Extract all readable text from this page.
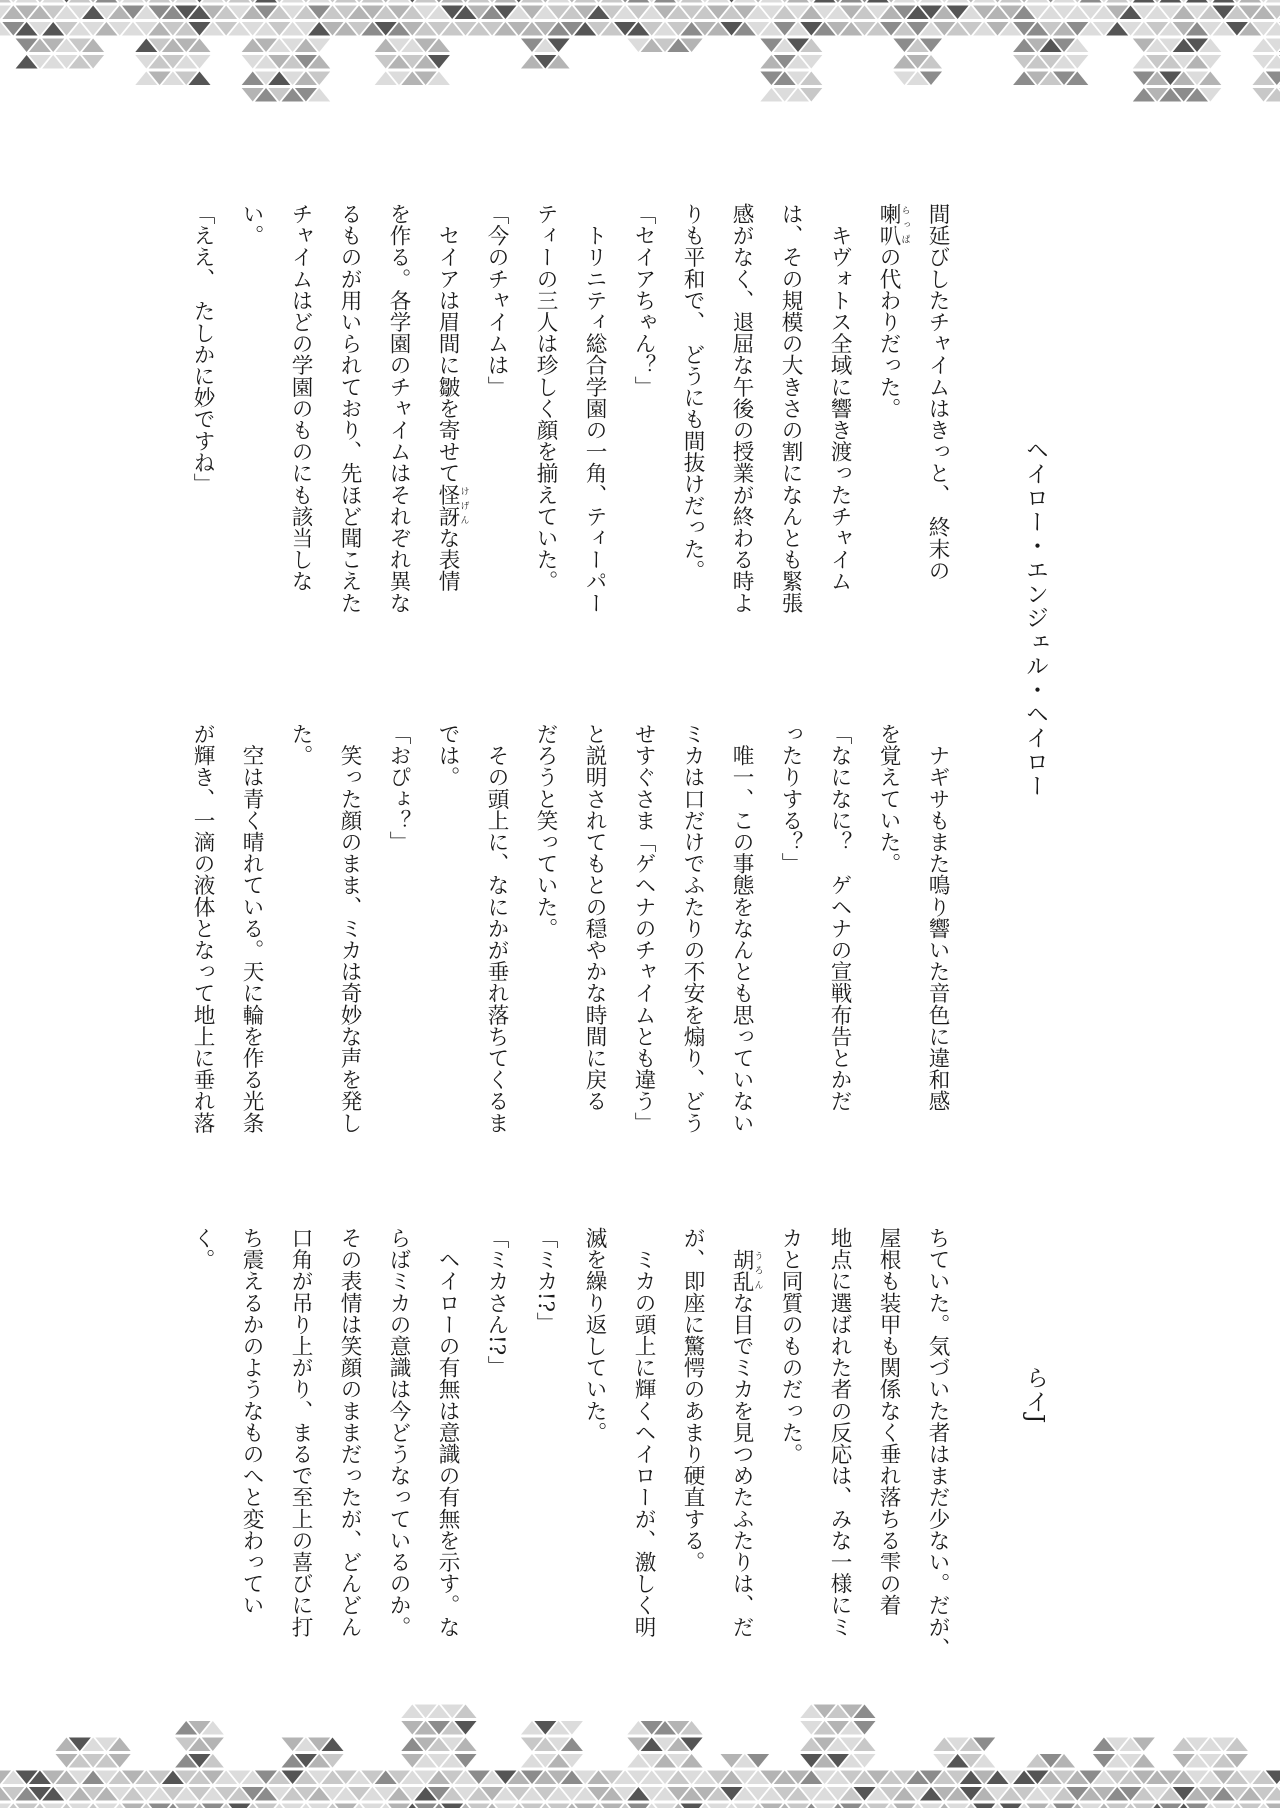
ヘイロー・エンジェル・ヘイロー
らイJ
間延びしたチャイムはきっと、　終末の
喇叭らっぱの代わりだった。
　キヴォトス全域に響き渡ったチャイム
は、その規模の大きさの割になんとも緊張
感がなく、退屈な午後の授業が終わる時よ
りも平和で、　どうにも間抜けだった。
「セイアちゃん？」
　トリニティ総合学園の一角、ティーパー
ティーの三人は珍しく顔を揃えていた。
「今のチャイムは」
　セイアは眉間に皺を寄せて怪訝けげんな表情
を作る。各学園のチャイムはそれぞれ異な
るものが用いられており、先ほど聞こえた
チャイムはどの学園のものにも該当しな
い。
「ええ、　たしかに妙ですね」
　ナギサもまた鳴り響いた音色に違和感
を覚えていた。
「なになに？　ゲヘナの宣戦布告とかだ
ったりする？」
　唯一、この事態をなんとも思っていない
ミカは口だけでふたりの不安を煽り、どう
せすぐさま「ゲヘナのチャイムとも違う」
と説明されてもとの穏やかな時間に戻る
だろうと笑っていた。
　その頭上に、なにかが垂れ落ちてくるま
では。
「おぴょ？」
　笑った顔のまま、ミカは奇妙な声を発し
た。
　空は青く晴れている。天に輪を作る光条
が輝き、一滴の液体となって地上に垂れ落
ちていた。気づいた者はまだ少ない。だが、
屋根も装甲も関係なく垂れ落ちる雫の着
地点に選ばれた者の反応は、みな一様にミ
カと同質のものだった。
　胡乱うろんな目でミカを見つめたふたりは、だ
が、即座に驚愕のあまり硬直する。
　ミカの頭上に輝くヘイローが、激しく明
滅を繰り返していた。
「ミカ!?」
「ミカさん!?」
　ヘイローの有無は意識の有無を示す。な
らばミカの意識は今どうなっているのか。
その表情は笑顔のままだったが、どんどん
口角が吊り上がり、まるで至上の喜びに打
ち震えるかのようなものへと変わってい
く。
